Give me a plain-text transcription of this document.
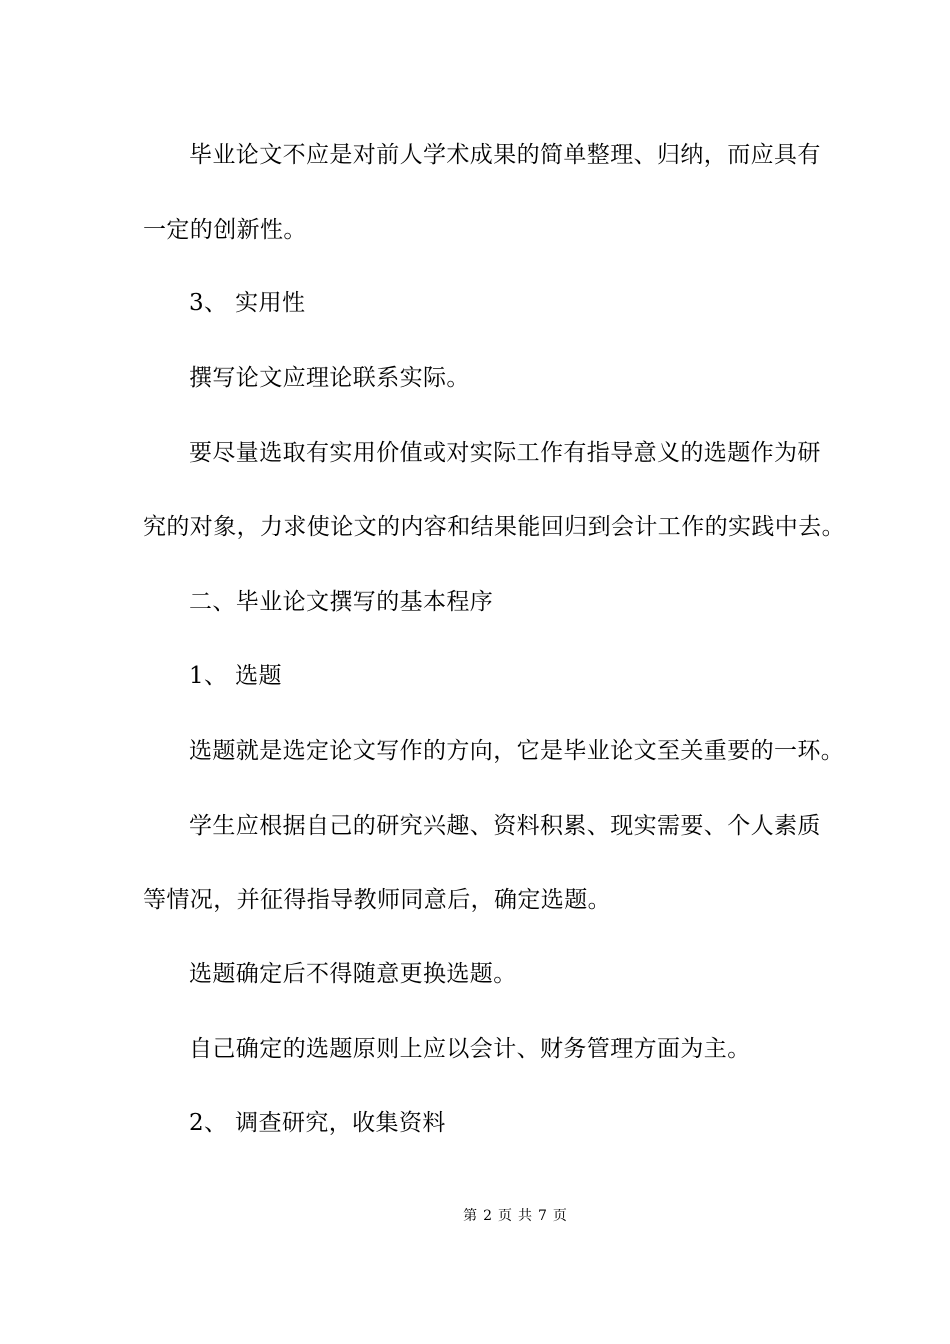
毕业论文不应是对前人学术成果的简单整理、归纳，而应具有
一定的创新性。
3、 实用性
撰写论文应理论联系实际。
要尽量选取有实用价值或对实际工作有指导意义的选题作为研
究的对象，力求使论文的内容和结果能回归到会计工作的实践中去。
二、毕业论文撰写的基本程序
1、 选题
选题就是选定论文写作的方向，它是毕业论文至关重要的一环。
学生应根据自己的研究兴趣、资料积累、现实需要、个人素质
等情况，并征得指导教师同意后，确定选题。
选题确定后不得随意更换选题。
自己确定的选题原则上应以会计、财务管理方面为主。
2、 调查研究，收集资料
第 2 页 共 7 页
